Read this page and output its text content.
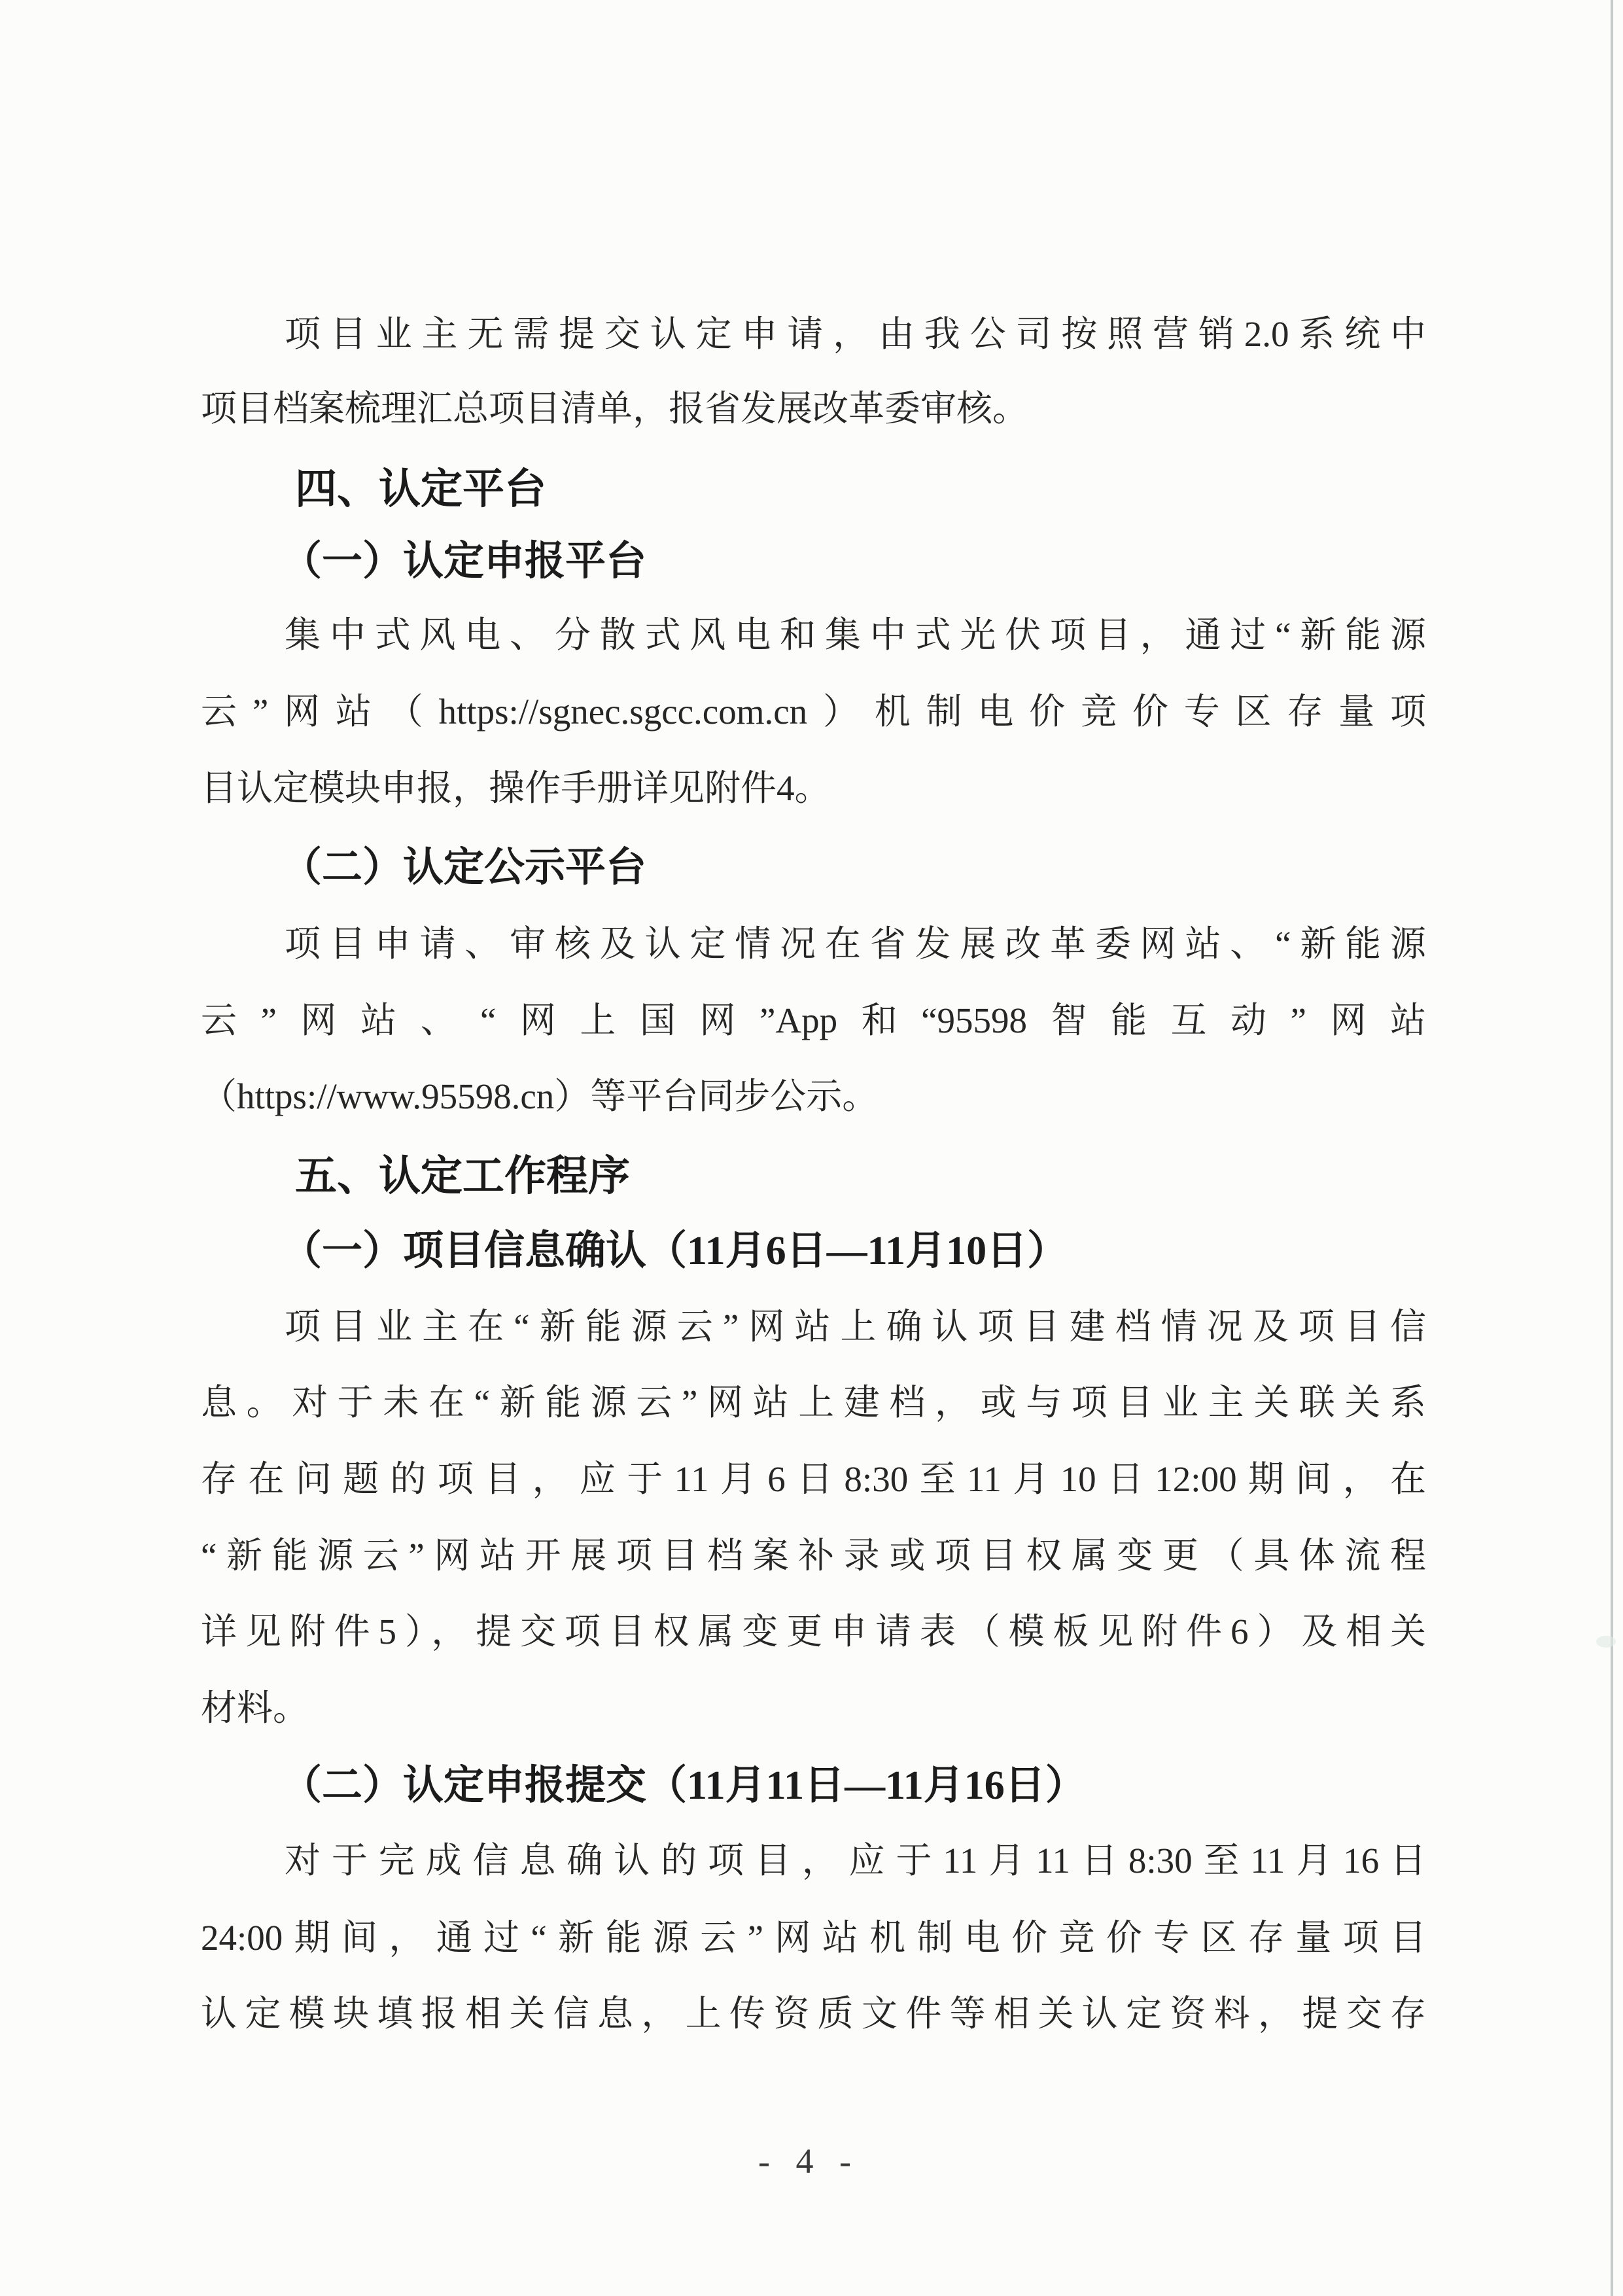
项目业主无需提交认定申请，由我公司按照营销2.0系统中
项目档案梳理汇总项目清单，报省发展改革委审核。
四、认定平台
（一）认定申报平台
集中式风电、分散式风电和集中式光伏项目，通过“新能源
云”网站（https://sgnec.sgcc.com.cn）机制电价竞价专区存量项
目认定模块申报，操作手册详见附件4。
（二）认定公示平台
项目申请、审核及认定情况在省发展改革委网站、“新能源
云”网站、“网上国网”App和“95598智能互动”网站
（https://www.95598.cn）等平台同步公示。
五、认定工作程序
（一）项目信息确认（11月6日—11月10日）
项目业主在“新能源云”网站上确认项目建档情况及项目信
息。对于未在“新能源云”网站上建档，或与项目业主关联关系
存在问题的项目，应于11月6日8:30至11月10日12:00期间，在
“新能源云”网站开展项目档案补录或项目权属变更（具体流程
详见附件5），提交项目权属变更申请表（模板见附件6）及相关
材料。
（二）认定申报提交（11月11日—11月16日）
对于完成信息确认的项目，应于11月11日8:30至11月16日
24:00期间，通过“新能源云”网站机制电价竞价专区存量项目
认定模块填报相关信息，上传资质文件等相关认定资料，提交存
- 4 -
